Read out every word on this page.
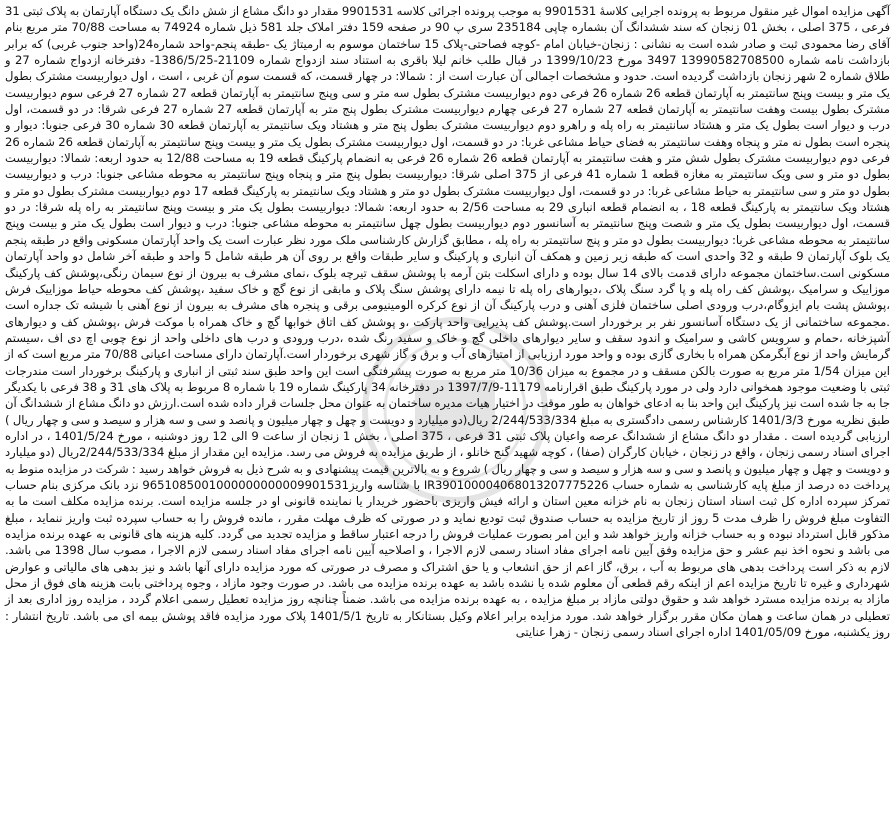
آگهی مزایده اموال غیر منقول مربوط به پرونده اجرایی کلاسهٔ 9901531 به موجب پرونده اجرائی کلاسه 9901531 مقدار دو دانگ مشاع از شش دانگ یک دستگاه آپارتمان به پلاک ثبتی 31 فرعی ، 375 اصلی ، بخش 01 زنجان که سند ششدانگ آن بشماره چاپی 235184 سری پ 90 در صفحه 159 دفتر املاک جلد 581 ذیل شماره 74924 به مساحت 70/88 متر مربع بنام آقای رضا محمودی ثبت و صادر شده است به نشانی : زنجان-خیابان امام -کوچه فصاحتی-پلاک 15 ساختمان موسوم به ارمیتاژ یک -طبقه پنجم-واحد شماره24(واحد جنوب غربی) که برابر بازداشت نامه شماره 13990582708500 3497 مورخ 1399/10/23 در قبال طلب خانم لیلا باقری به استناد سند ازدواج شماره 21109-1386/5/25- دفترخانه ازدواج شماره 27 و طلاق شماره 2 شهر زنجان بازداشت گردیده است. حدود و مشخصات اجمالی آن عبارت است از : شمالا: در چهار قسمت، که قسمت سوم آن غربی ، است ، اول دیواربیست مشترک بطول یک متر و بیست وپنج سانتیمتر به آپارتمان قطعه 26 شماره 26 فرعی دوم دیواربیست مشترک بطول سه متر و سی وپنج سانتیمتر به آپارتمان قطعه 27 شماره 27 فرعی سوم دیواربیست مشترک بطول بیست وهفت سانتیمتر به آپارتمان قطعه 27 شماره 27 فرعی چهارم دیواربیست مشترک بطول پنج متر به آپارتمان قطعه 27 شماره 27 فرعی شرقا: در دو قسمت، اول درب و دیوار است بطول یک متر و هشتاد سانتیمتر به راه پله و راهرو دوم دیواربیست مشترک بطول پنج متر و هشتاد ویک سانتیمتر به آپارتمان قطعه 30 شماره 30 فرعی جنوبا: دیوار و پنجره است بطول نه متر و پنجاه وهفت سانتیمتر به فضای حیاط مشاعی غربا: در دو قسمت، اول دیواربیست مشترک بطول یک متر و بیست وپنج سانتیمتر به آپارتمان قطعه 26 شماره 26 فرعی دوم دیواربیست مشترک بطول شش متر و هفت سانتیمتر به آپارتمان قطعه 26 شماره 26 فرعی به انضمام پارکینگ قطعه 19 به مساحت 12/88 به حدود اربعه: شمالا: دیواربیست بطول دو متر و سی ویک سانتیمتر به مغازه قطعه 1 شماره 41 فرعی از 375 اصلی شرقا: دیواربیست بطول پنج متر و پنجاه وپنج سانتیمتر به محوطه مشاعی جنوبا: درب و دیواربیست بطول دو متر و سی سانتیمتر به حیاط مشاعی غربا: در دو قسمت، اول دیواربیست مشترک بطول دو متر و هشتاد ویک سانتیمتر به پارکینگ قطعه 17 دوم دیواربیست مشترک بطول دو متر و هشتاد ویک سانتیمتر به پارکینگ قطعه 18 ، به انضمام قطعه انباری 29 به مساحت 2/56 به حدود اربعه: شمالا: دیواربیست بطول یک متر و بیست وپنج سانتیمتر به راه پله شرقا: در دو قسمت، اول دیواربیست بطول یک متر و شصت وپنج سانتیمتر به آسانسور دوم دیواربیست بطول چهل سانتیمتر به محوطه مشاعی جنوبا: درب و دیوار است بطول یک متر و بیست وپنج سانتیمتر به محوطه مشاعی غربا: دیواربیست بطول دو متر و پنج سانتیمتر به راه پله ، مطابق گزارش کارشناسی ملک مورد نظر عبارت است یک واحد آپارتمان مسکونی واقع در طبقه پنجم یک بلوک آپارتمان 9 طبقه و 32 واحدی است که طبقه زیر زمین و همکف آن انباری و پارکینگ و سایر طبقات واقع بر روی آن هر طبقه شامل 5 واحد و طبقه آخر شامل دو واحد آپارتمان مسکونی است.ساختمان مجموعه دارای قدمت بالای 14 سال بوده و دارای اسکلت بتن آرمه با پوشش سقف تیرچه بلوک ،نمای مشرف به بیرون از نوع سیمان رنگی،پوشش کف پارکینگ موزاییک و سرامیک ،پوشش کف راه پله و پا گرد سنگ پلاک ،دیوارهای راه پله تا نیمه دارای پوشش سنگ پلاک و مابقی از نوع گچ و خاک سفید ،پوشش کف محوطه حیاط موزاییک فرش ،پوشش پشت بام ایزوگام،درب ورودی اصلی ساختمان فلزی آهنی و درب پارکینگ آن از نوع کرکره الومینیومی برقی و پنجره های مشرف به بیرون از نوع آهنی با شیشه تک جداره است .مجموعه ساختمانی از یک دستگاه آسانسور نفر بر برخوردار است.پوشش کف پذیرایی واحد پارکت ،و پوشش کف اتاق خوابها گچ و خاک همراه با موکت فرش ،پوشش کف و دیوارهای آشپزخانه ،حمام و سرویس کاشی و سرامیک و اندود سقف و سایر دیوارهای داخلی گچ و خاک و سفید رنگ شده ،درب ورودی و درب های داخلی واحد از نوع چوبی اچ دی اف ،سیستم گرمایش واحد از نوع آبگرمکن همراه با بخاری گازی بوده و واحد مورد ارزیابی از امتیازهای آب و برق و گاز شهری برخوردار است.آپارتمان دارای مساحت اعیانی 70/88 متر مربع است که از این میزان 1/54 متر مربع به صورت بالکن مسقف و در مجموع به میزان 10/36 متر مربع به صورت پیشرفتگی است این واحد طبق سند ثبتی از انباری و پارکینگ برخوردار است مندرجات ثبتی با وضعیت موجود همخوانی دارد ولی در مورد پارکینگ طبق اقرارنامه 11179-1397/7/9 در دفترخانه 34 پارکینگ شماره 19 با شماره 8 مربوط به پلاک های 31 و 38 فرعی با یکدیگر جا به جا شده است نیز پارکینگ این واحد بنا به ادعای خواهان به طور موقت در اختیار هیات مدیره ساختمان به عنوان محل جلسات قرار داده شده است.ارزش دو دانگ مشاع از ششدانگ آن طبق نظریه مورخ 1401/3/3 کارشناس رسمی دادگستری به مبلغ 2/244/533/334 ریال(دو میلیارد و دویست و چهل و چهار میلیون و پانصد و سی و سه هزار و سیصد و سی و چهار ریال ) ارزیابی گردیده است . مقدار دو دانگ مشاع از ششدانگ عرصه واعیان پلاک ثبتی 31 فرعی ، 375 اصلی ، بخش 1 زنجان از ساعت 9 الی 12 روز دوشنبه ، مورخ 1401/5/24 ، در اداره اجرای اسناد رسمی زنجان ، واقع در زنجان ، خیابان کارگران (صفا) ، کوچه شهید گنج خانلو ، از طریق مزایده به فروش می رسد. مزایده این مقدار از مبلغ 2/244/533/334ریال (دو میلیارد و دویست و چهل و چهار میلیون و پانصد و سی و سه هزار و سیصد و سی و چهار ریال ) شروع و به بالاترین قیمت پیشنهادی و به شرح ذیل به فروش خواهد رسید : شرکت در مزایده منوط به پرداخت ده درصد از مبلغ پایه کارشناسی به شماره حساب IR390100004068013207775226 با شناسه واریز9651085001000000000009901531 نزد بانک مرکزی بنام حساب تمرکز سپرده اداره کل ثبت اسناد استان زنجان به نام خزانه معین استان و ارائه فیش واریزی باحضور خریدار یا نماینده قانونی او در جلسه مزایده است. برنده مزایده مکلف است ما به التفاوت مبلغ فروش را ظرف مدت 5 روز از تاریخ مزایده به حساب صندوق ثبت تودیع نماید و در صورتی که ظرف مهلت مقرر ، مانده فروش را به حساب سپرده ثبت واریز ننماید ، مبلغ مذکور قابل استرداد نبوده و به حساب خزانه واریز خواهد شد و این امر بصورت عملیات فروش را درجه اعتبار ساقط و مزایده تجدید می گردد. کلیه هزینه های قانونی به عهده برنده مزایده می باشد و نحوه اخذ نیم عشر و حق مزایده وفق آیین نامه اجرای مفاد اسناد رسمی لازم الاجرا ، و اصلاحیه آیین نامه اجرای مفاد اسناد رسمی لازم الاجرا ، مصوب سال 1398 می باشد. لازم به ذکر است پرداخت بدهی های مربوط به آب ، برق، گاز اعم از حق انشعاب و یا حق اشتراک و مصرف در صورتی که مورد مزایده دارای آنها باشد و نیز بدهی های مالیاتی و عوارض شهرداری و غیره تا تاریخ مزایده اعم از اینکه رقم قطعی آن معلوم شده یا نشده باشد به عهده برنده مزایده می باشد. در صورت وجود مازاد ، وجوه پرداختی بابت هزینه های فوق از محل مازاد به برنده مزایده مسترد خواهد شد و حقوق دولتی مازاد بر مبلغ مزایده ، به عهده برنده مزایده می باشد. ضمناً چنانچه روز مزایده تعطیل رسمی اعلام گردد ، مزایده روز اداری بعد از تعطیلی در همان ساعت و همان مکان مقرر برگزار خواهد شد. مورد مزایده برابر اعلام وکیل بستانکار به تاریخ 1401/5/1 پلاک مورد مزایده فاقد پوشش بیمه ای می باشد. تاریخ انتشار : روز یکشنبه، مورخ 1401/05/09 اداره اجرای اسناد رسمی زنجان - زهرا عنایتی
